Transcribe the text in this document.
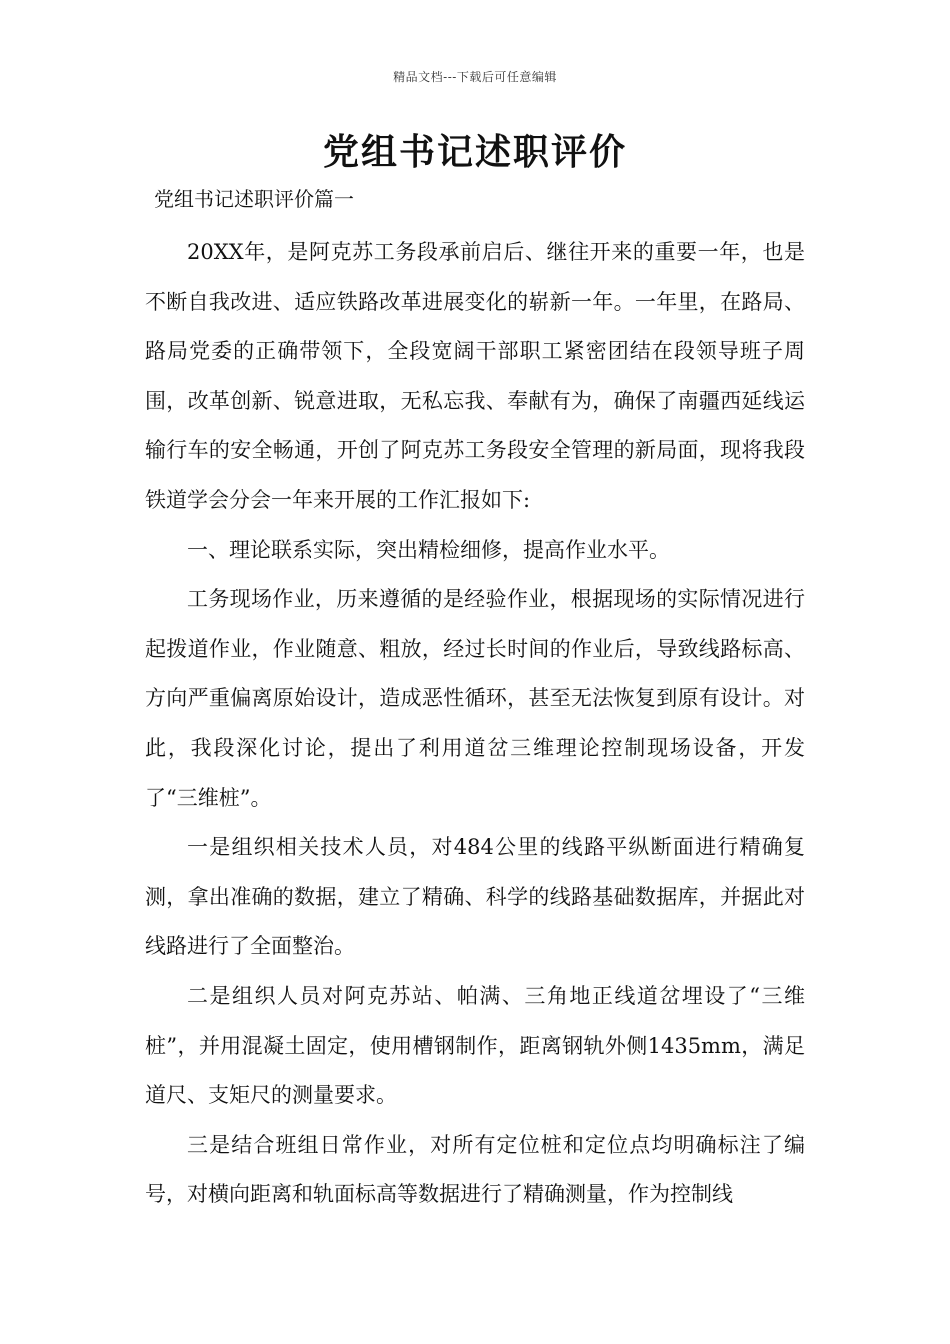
精品文档---下载后可任意编辑
党组书记述职评价

党组书记述职评价篇一

20XX年，是阿克苏工务段承前启后、继往开来的重要一年，也是不断自我改进、适应铁路改革进展变化的崭新一年。一年里，在路局、路局党委的正确带领下，全段宽阔干部职工紧密团结在段领导班子周围，改革创新、锐意进取，无私忘我、奉献有为，确保了南疆西延线运输行车的安全畅通，开创了阿克苏工务段安全管理的新局面，现将我段铁道学会分会一年来开展的工作汇报如下:

一、理论联系实际，突出精检细修，提高作业水平。

工务现场作业，历来遵循的是经验作业，根据现场的实际情况进行起拨道作业，作业随意、粗放，经过长时间的作业后，导致线路标高、方向严重偏离原始设计，造成恶性循环，甚至无法恢复到原有设计。对此，我段深化讨论，提出了利用道岔三维理论控制现场设备，开发了“三维桩”。

一是组织相关技术人员，对484公里的线路平纵断面进行精确复测，拿出准确的数据，建立了精确、科学的线路基础数据库，并据此对线路进行了全面整治。

二是组织人员对阿克苏站、帕满、三角地正线道岔埋设了“三维桩”，并用混凝土固定，使用槽钢制作，距离钢轨外侧1435mm，满足道尺、支矩尺的测量要求。

三是结合班组日常作业，对所有定位桩和定位点均明确标注了编号，对横向距离和轨面标高等数据进行了精确测量，作为控制线
